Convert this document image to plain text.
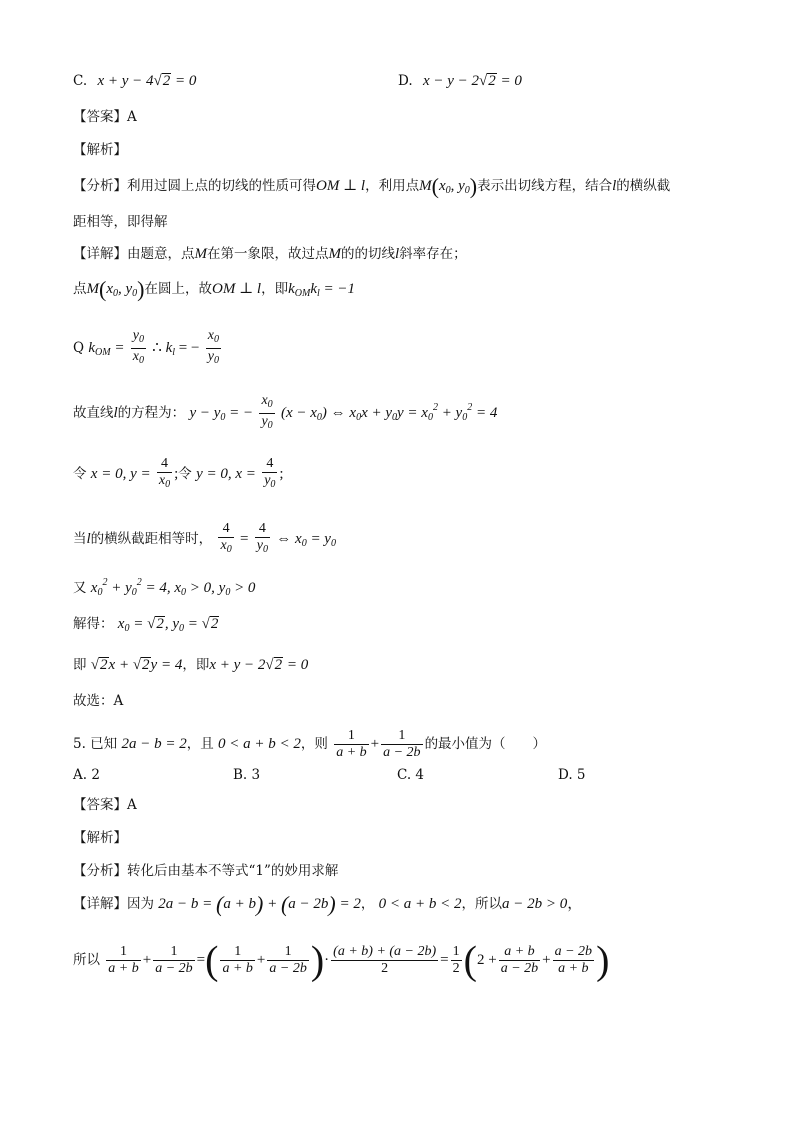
C. x + y − 4√2 = 0	D. x − y − 2√2 = 0
【答案】A
【解析】
【分析】利用过圆上点的切线的性质可得OM ⊥ l，利用点$M(x_0$, $y_0$)表示出切线方程，结合l的横纵截
距相等，即得解
【详解】由题意，点M在第一象限，故过点M的的切线l斜率存在；
点$M(x_0$, $y_0$)在圆上，故OM ⊥ l，即$k_{OM}k_l = -1$
Q $k_{OM} = \frac{y_0}{x_0}$ ∴ $k_l$ = − $\frac{x_0}{y_0}$
故直线l的方程为： $y - y_0$ = − $\frac{x_0}{y_0} (x - x_0)$ ⇔ $x_0x + y_0y = x_0^2 + y_0^2 = 4$
令 x = 0, $y = \frac{4}{x_0}$ ;令 y = 0, $x = \frac{4}{y_0}$ ;
当l的横纵截距相等时， $\frac{4}{x_0} = \frac{4}{y_0}$ ⇔ $x_0 = y_0$
又 $x_0^2 + y_0^2 = 4$, $x_0 > 0$, $y_0 > 0$
解得： $x_0 = √2$, $y_0 = √2$
即 √2x + √2y = 4，即x + y − 2√2 = 0
故选：A
5. 已知 2a − b = 2，且 0 < a + b < 2，则 $\frac{1}{a + b} + \frac{1}{a - 2b}$ 的最小值为（　　）
A. 2	B. 3	C. 4	D. 5
【答案】A
【解析】
【分析】转化后由基本不等式“1”的妙用求解
【详解】因为 2a − b = (a + b) + (a − 2b) = 2， 0 < a + b < 2，所以a − 2b > 0，
所以 $\frac{1}{a + b} + \frac{1}{a - 2b}$ =( $\frac{1}{a + b} + \frac{1}{a - 2b}$ )· $\frac{(a + b) + (a - 2b)}{2} = \frac{1}{2} (2 + \frac{a + b}{a - 2b} + \frac{a - 2b}{a + b}$ )
